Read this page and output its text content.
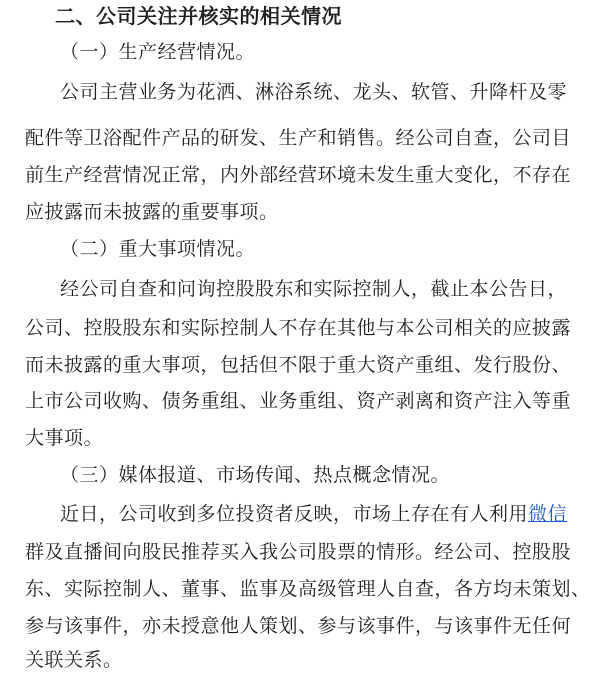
二、公司关注并核实的相关情况
（一）生产经营情况。
公司主营业务为花洒、淋浴系统、龙头、软管、升降杆及零
配件等卫浴配件产品的研发、生产和销售。经公司自查，公司目
前生产经营情况正常，内外部经营环境未发生重大变化，不存在
应披露而未披露的重要事项。
（二）重大事项情况。
经公司自查和问询控股股东和实际控制人，截止本公告日，
公司、控股股东和实际控制人不存在其他与本公司相关的应披露
而未披露的重大事项，包括但不限于重大资产重组、发行股份、
上市公司收购、债务重组、业务重组、资产剥离和资产注入等重
大事项。
（三）媒体报道、市场传闻、热点概念情况。
近日，公司收到多位投资者反映，市场上存在有人利用微信
群及直播间向股民推荐买入我公司股票的情形。经公司、控股股
东、实际控制人、董事、监事及高级管理人自查，各方均未策划、
参与该事件，亦未授意他人策划、参与该事件，与该事件无任何
关联关系。
